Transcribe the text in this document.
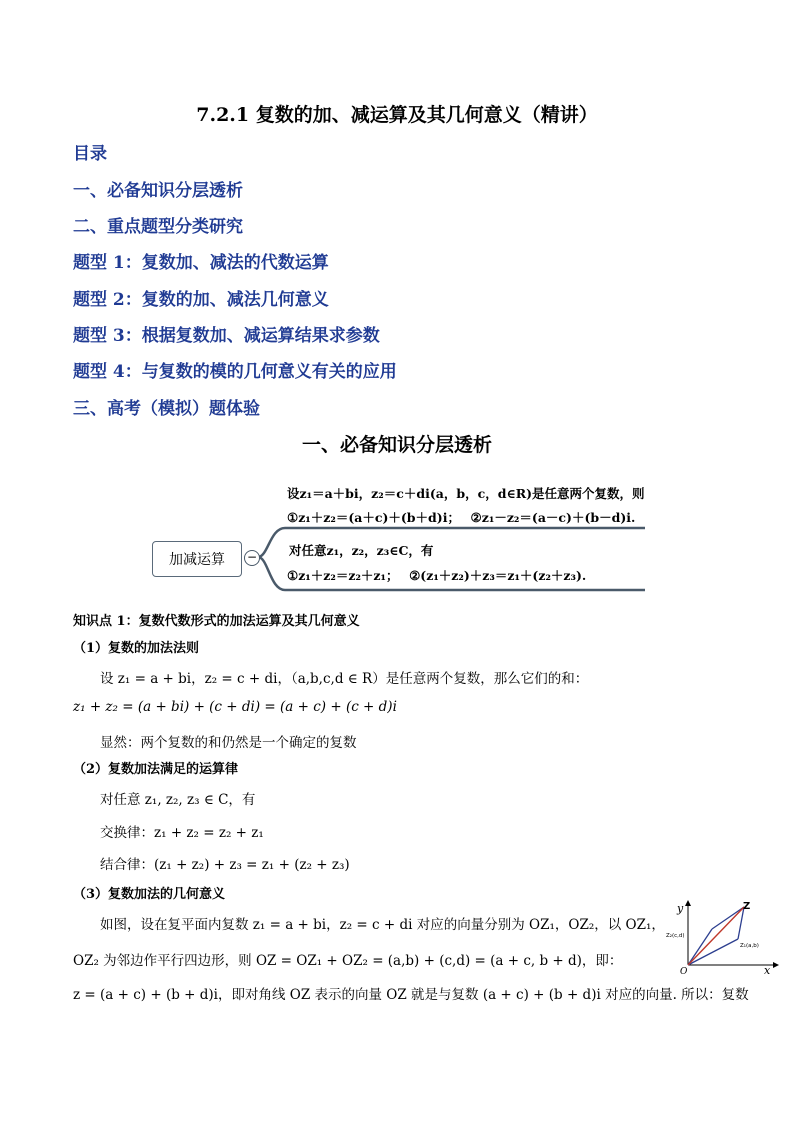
7.2.1 复数的加、减运算及其几何意义（精讲）
目录
一、必备知识分层透析
二、重点题型分类研究
题型 1：复数加、减法的代数运算
题型 2：复数的加、减法几何意义
题型 3：根据复数加、减运算结果求参数
题型 4：与复数的模的几何意义有关的应用
三、高考（模拟）题体验
一、必备知识分层透析
加减运算	−
设z₁＝a＋bi，z₂＝c＋di(a，b，c，d∈R)是任意两个复数，则
①z₁＋z₂＝(a＋c)＋(b＋d)i；　 ②z₁－z₂＝(a－c)＋(b－d)i.
对任意z₁，z₂，z₃∈C，有
①z₁＋z₂＝z₂＋z₁；　 ②(z₁＋z₂)＋z₃＝z₁＋(z₂＋z₃).
知识点 1：复数代数形式的加法运算及其几何意义
（1）复数的加法法则
设 z₁ = a + bi，z₂ = c + di，（a,b,c,d ∈ R）是任意两个复数，那么它们的和：
z₁ + z₂ = (a + bi) + (c + di) = (a + c) + (c + d)i
显然：两个复数的和仍然是一个确定的复数
（2）复数加法满足的运算律
对任意 z₁, z₂, z₃ ∈ C，有
交换律：z₁ + z₂ = z₂ + z₁
结合律：(z₁ + z₂) + z₃ = z₁ + (z₂ + z₃)
（3）复数加法的几何意义
如图，设在复平面内复数 z₁ = a + bi，z₂ = c + di 对应的向量分别为 OZ₁，OZ₂，以 OZ₁，
OZ₂ 为邻边作平行四边形，则 OZ = OZ₁ + OZ₂ = (a,b) + (c,d) = (a + c, b + d)，即：
z = (a + c) + (b + d)i，即对角线 OZ 表示的向量 OZ 就是与复数 (a + c) + (b + d)i 对应的向量. 所以：复数
y
x
O
Z
Z₁(a,b)
Z₂(c,d)
